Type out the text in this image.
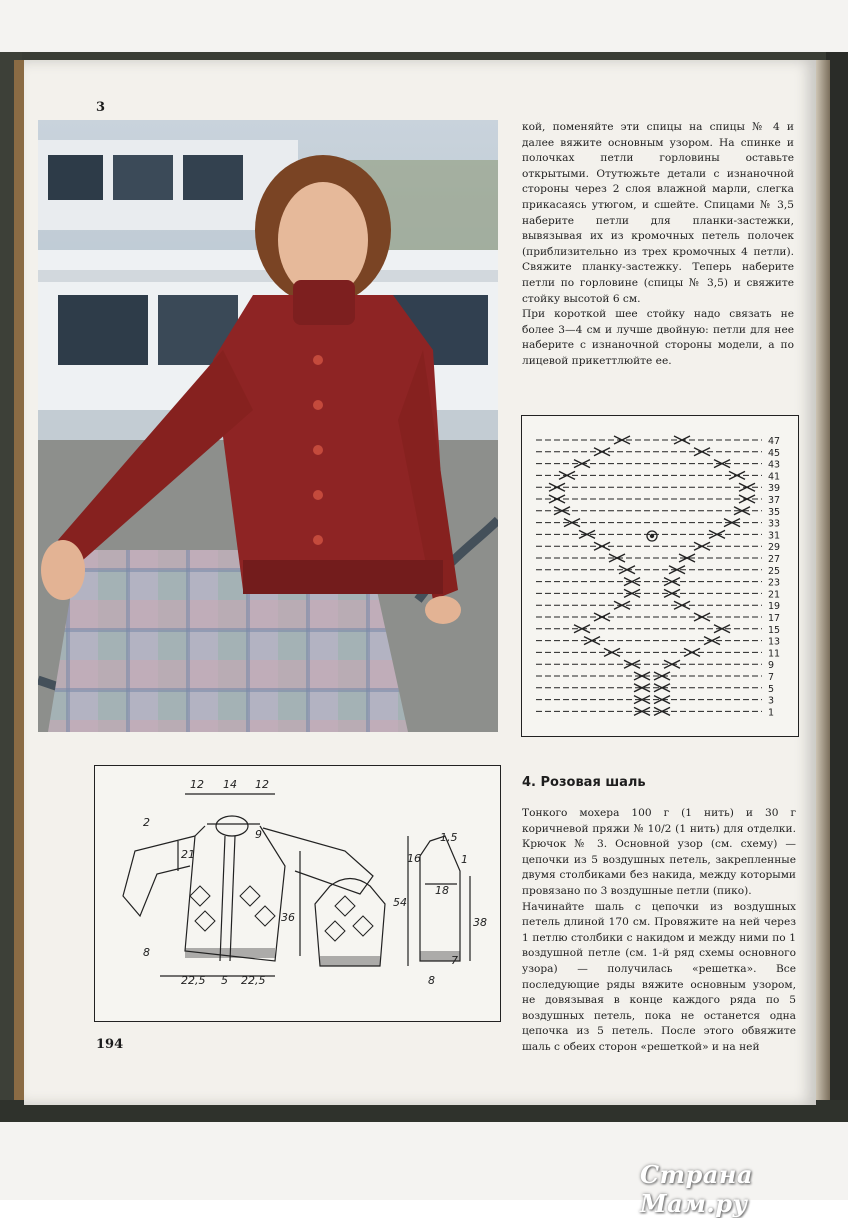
3

кой, поменяйте эти спицы на спицы № 4 и далее вяжите основным узором. На спинке и полочках петли горловины оставьте открытыми. Отутюжьте детали с изнаночной стороны через 2 слоя влажной марли, слегка прикасаясь утюгом, и сшейте. Спицами № 3,5 наберите петли для планки-застежки, вывязывая их из кромочных петель полочек (приблизительно из трех кромочных 4 петли). Свяжите планку-застежку. Теперь наберите петли по горловине (спицы № 3,5) и свяжите стойку высотой 6 см.

При короткой шее стойку надо связать не более 3—4 см и лучше двойную: петли для нее наберите с изнаночной стороны модели, а по лицевой прикеттлюйте ее.

47
45
43
41
39
37
35
33
31
29
27
25
23
21
19
17
15
13
11
9
7
5
3
1
12 14 12
2
21
8
9
36
22,5 5 22,5
1,5
16	1
18
54
38
7
8
4. Розовая шаль

Тонкого мохера 100 г (1 нить) и 30 г коричневой пряжи № 10/2 (1 нить) для отделки. Крючок № 3. Основной узор (см. схему) — цепочки из 5 воздушных петель, закрепленные двумя столбиками без накида, между которыми провязано по 3 воздушные петли (пико).

Начинайте шаль с цепочки из воздушных петель длиной 170 см. Провяжите на ней через 1 петлю столбики с накидом и между ними по 1 воздушной петле (см. 1-й ряд схемы основного узора) — получилась «решетка». Все последующие ряды вяжите основным узором, не довязывая в конце каждого ряда по 5 воздушных петель, пока не останется одна цепочка из 5 петель. После этого обвяжите шаль с обеих сторон «решеткой» и на ней

194
Страна Мам.ру
